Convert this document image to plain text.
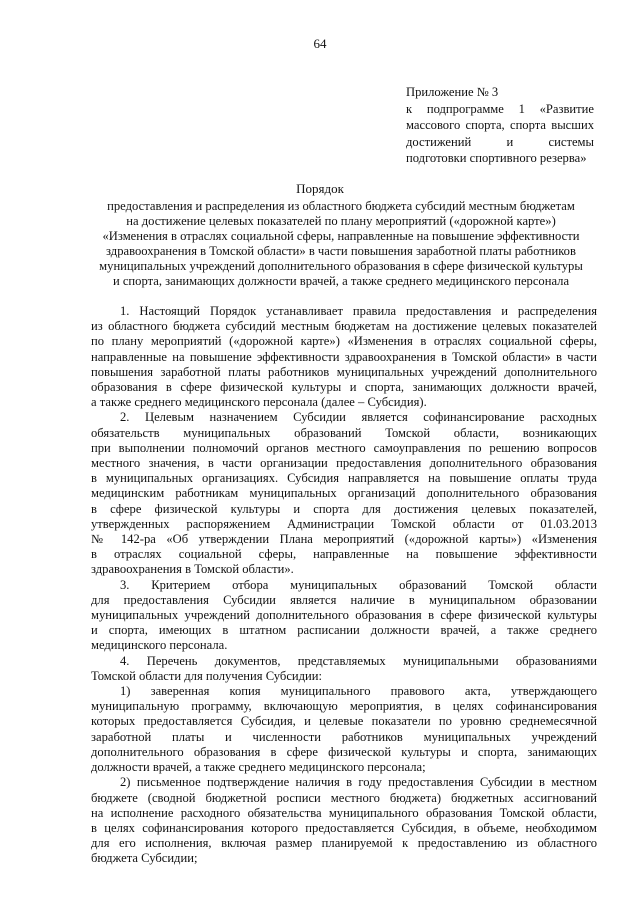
64
Приложение № 3
к подпрограмме 1 «Развитие
массового спорта, спорта высших
достижений и системы
подготовки спортивного резерва»
Порядок
предоставления и распределения из областного бюджета субсидий местным бюджетам
на достижение целевых показателей по плану мероприятий («дорожной карте»)
«Изменения в отраслях социальной сферы, направленные на повышение эффективности
здравоохранения в Томской области» в части повышения заработной платы работников
муниципальных учреждений дополнительного образования в сфере физической культуры
и спорта, занимающих должности врачей, а также среднего медицинского персонала
1. Настоящий Порядок устанавливает правила предоставления и распределения
из областного бюджета субсидий местным бюджетам на достижение целевых показателей
по плану мероприятий («дорожной карте») «Изменения в отраслях социальной сферы,
направленные на повышение эффективности здравоохранения в Томской области» в части
повышения заработной платы работников муниципальных учреждений дополнительного
образования в сфере физической культуры и спорта, занимающих должности врачей,
а также среднего медицинского персонала (далее – Субсидия).
2. Целевым назначением Субсидии является софинансирование расходных
обязательств муниципальных образований Томской области, возникающих
при выполнении полномочий органов местного самоуправления по решению вопросов
местного значения, в части организации предоставления дополнительного образования
в муниципальных организациях. Субсидия направляется на повышение оплаты труда
медицинским работникам муниципальных организаций дополнительного образования
в сфере физической культуры и спорта для достижения целевых показателей,
утвержденных распоряжением Администрации Томской области от 01.03.2013
№ 142-ра «Об утверждении Плана мероприятий («дорожной карты») «Изменения
в отраслях социальной сферы, направленные на повышение эффективности
здравоохранения в Томской области».
3. Критерием отбора муниципальных образований Томской области
для предоставления Субсидии является наличие в муниципальном образовании
муниципальных учреждений дополнительного образования в сфере физической культуры
и спорта, имеющих в штатном расписании должности врачей, а также среднего
медицинского персонала.
4. Перечень документов, представляемых муниципальными образованиями
Томской области для получения Субсидии:
1) заверенная копия муниципального правового акта, утверждающего
муниципальную программу, включающую мероприятия, в целях софинансирования
которых предоставляется Субсидия, и целевые показатели по уровню среднемесячной
заработной платы и численности работников муниципальных учреждений
дополнительного образования в сфере физической культуры и спорта, занимающих
должности врачей, а также среднего медицинского персонала;
2) письменное подтверждение наличия в году предоставления Субсидии в местном
бюджете (сводной бюджетной росписи местного бюджета) бюджетных ассигнований
на исполнение расходного обязательства муниципального образования Томской области,
в целях софинансирования которого предоставляется Субсидия, в объеме, необходимом
для его исполнения, включая размер планируемой к предоставлению из областного
бюджета Субсидии;
